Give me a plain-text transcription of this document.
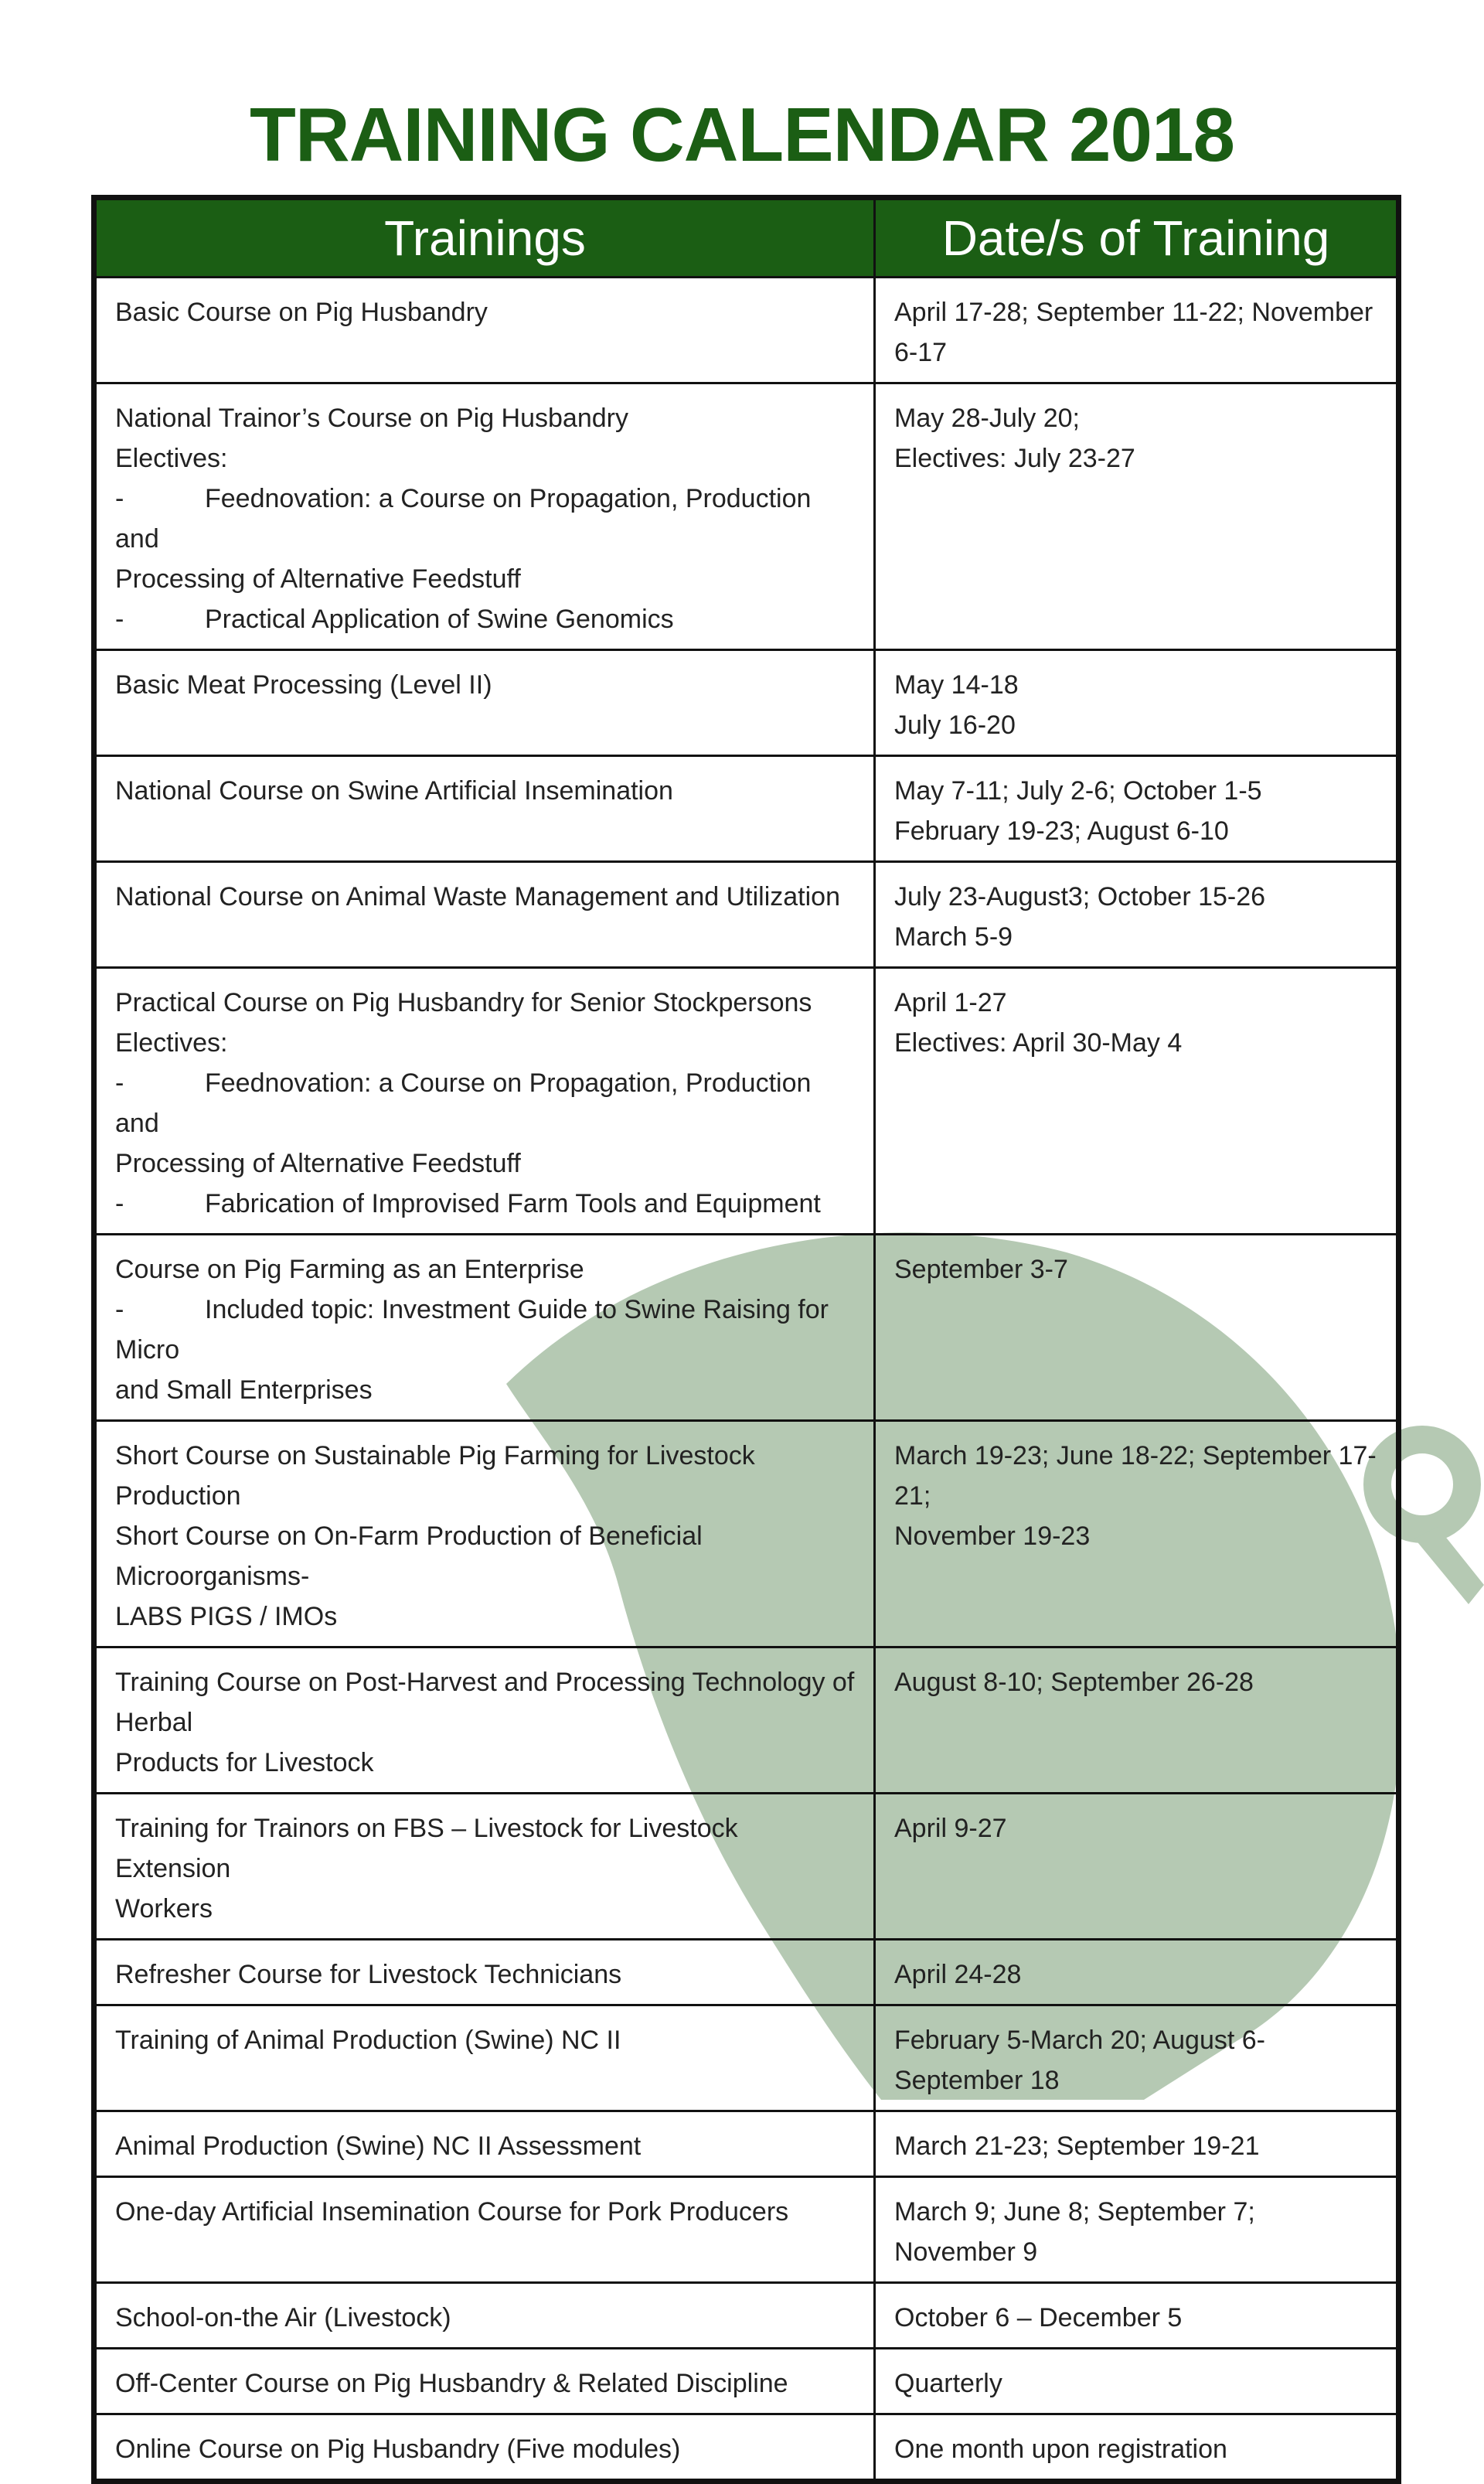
TRAINING CALENDAR 2018
Trainings	Date/s of Training

Basic Course on Pig Husbandry	April 17-28; September 11-22; November
6-17

National Trainor’s Course on Pig Husbandry
Electives:
- Feednovation: a Course on Propagation, Production and
Processing of Alternative Feedstuff
- Practical Application of Swine Genomics	May 28-July 20;
Electives: July 23-27

Basic Meat Processing (Level II)	May 14-18
July 16-20

National Course on Swine Artificial Insemination	May 7-11; July 2-6; October 1-5
February 19-23; August 6-10

National Course on Animal Waste Management and Utilization	July 23-August3; October 15-26
March 5-9

Practical Course on Pig Husbandry for Senior Stockpersons
Electives:
- Feednovation: a Course on Propagation, Production and
Processing of Alternative Feedstuff
- Fabrication of Improvised Farm Tools and Equipment	April 1-27
Electives: April 30-May 4

Course on Pig Farming as an Enterprise
- Included topic: Investment Guide to Swine Raising for Micro
and Small Enterprises	September 3-7

Short Course on Sustainable Pig Farming for Livestock Production
Short Course on On-Farm Production of Beneficial Microorganisms-
LABS PIGS / IMOs	March 19-23; June 18-22; September 17-21;
November 19-23

Training Course on Post-Harvest and Processing Technology of Herbal
Products for Livestock	August 8-10; September 26-28

Training for Trainors on FBS – Livestock for Livestock Extension
Workers	April 9-27

Refresher Course for Livestock Technicians	April 24-28

Training of Animal Production (Swine) NC II	February 5-March 20; August 6-September 18

Animal Production (Swine) NC II Assessment	March 21-23; September 19-21

One-day Artificial Insemination Course for Pork Producers	March 9; June 8; September 7; November 9

School-on-the Air (Livestock)	October 6 – December 5

Off-Center Course on Pig Husbandry & Related Discipline	Quarterly

Online Course on Pig Husbandry (Five modules)	One month upon registration
